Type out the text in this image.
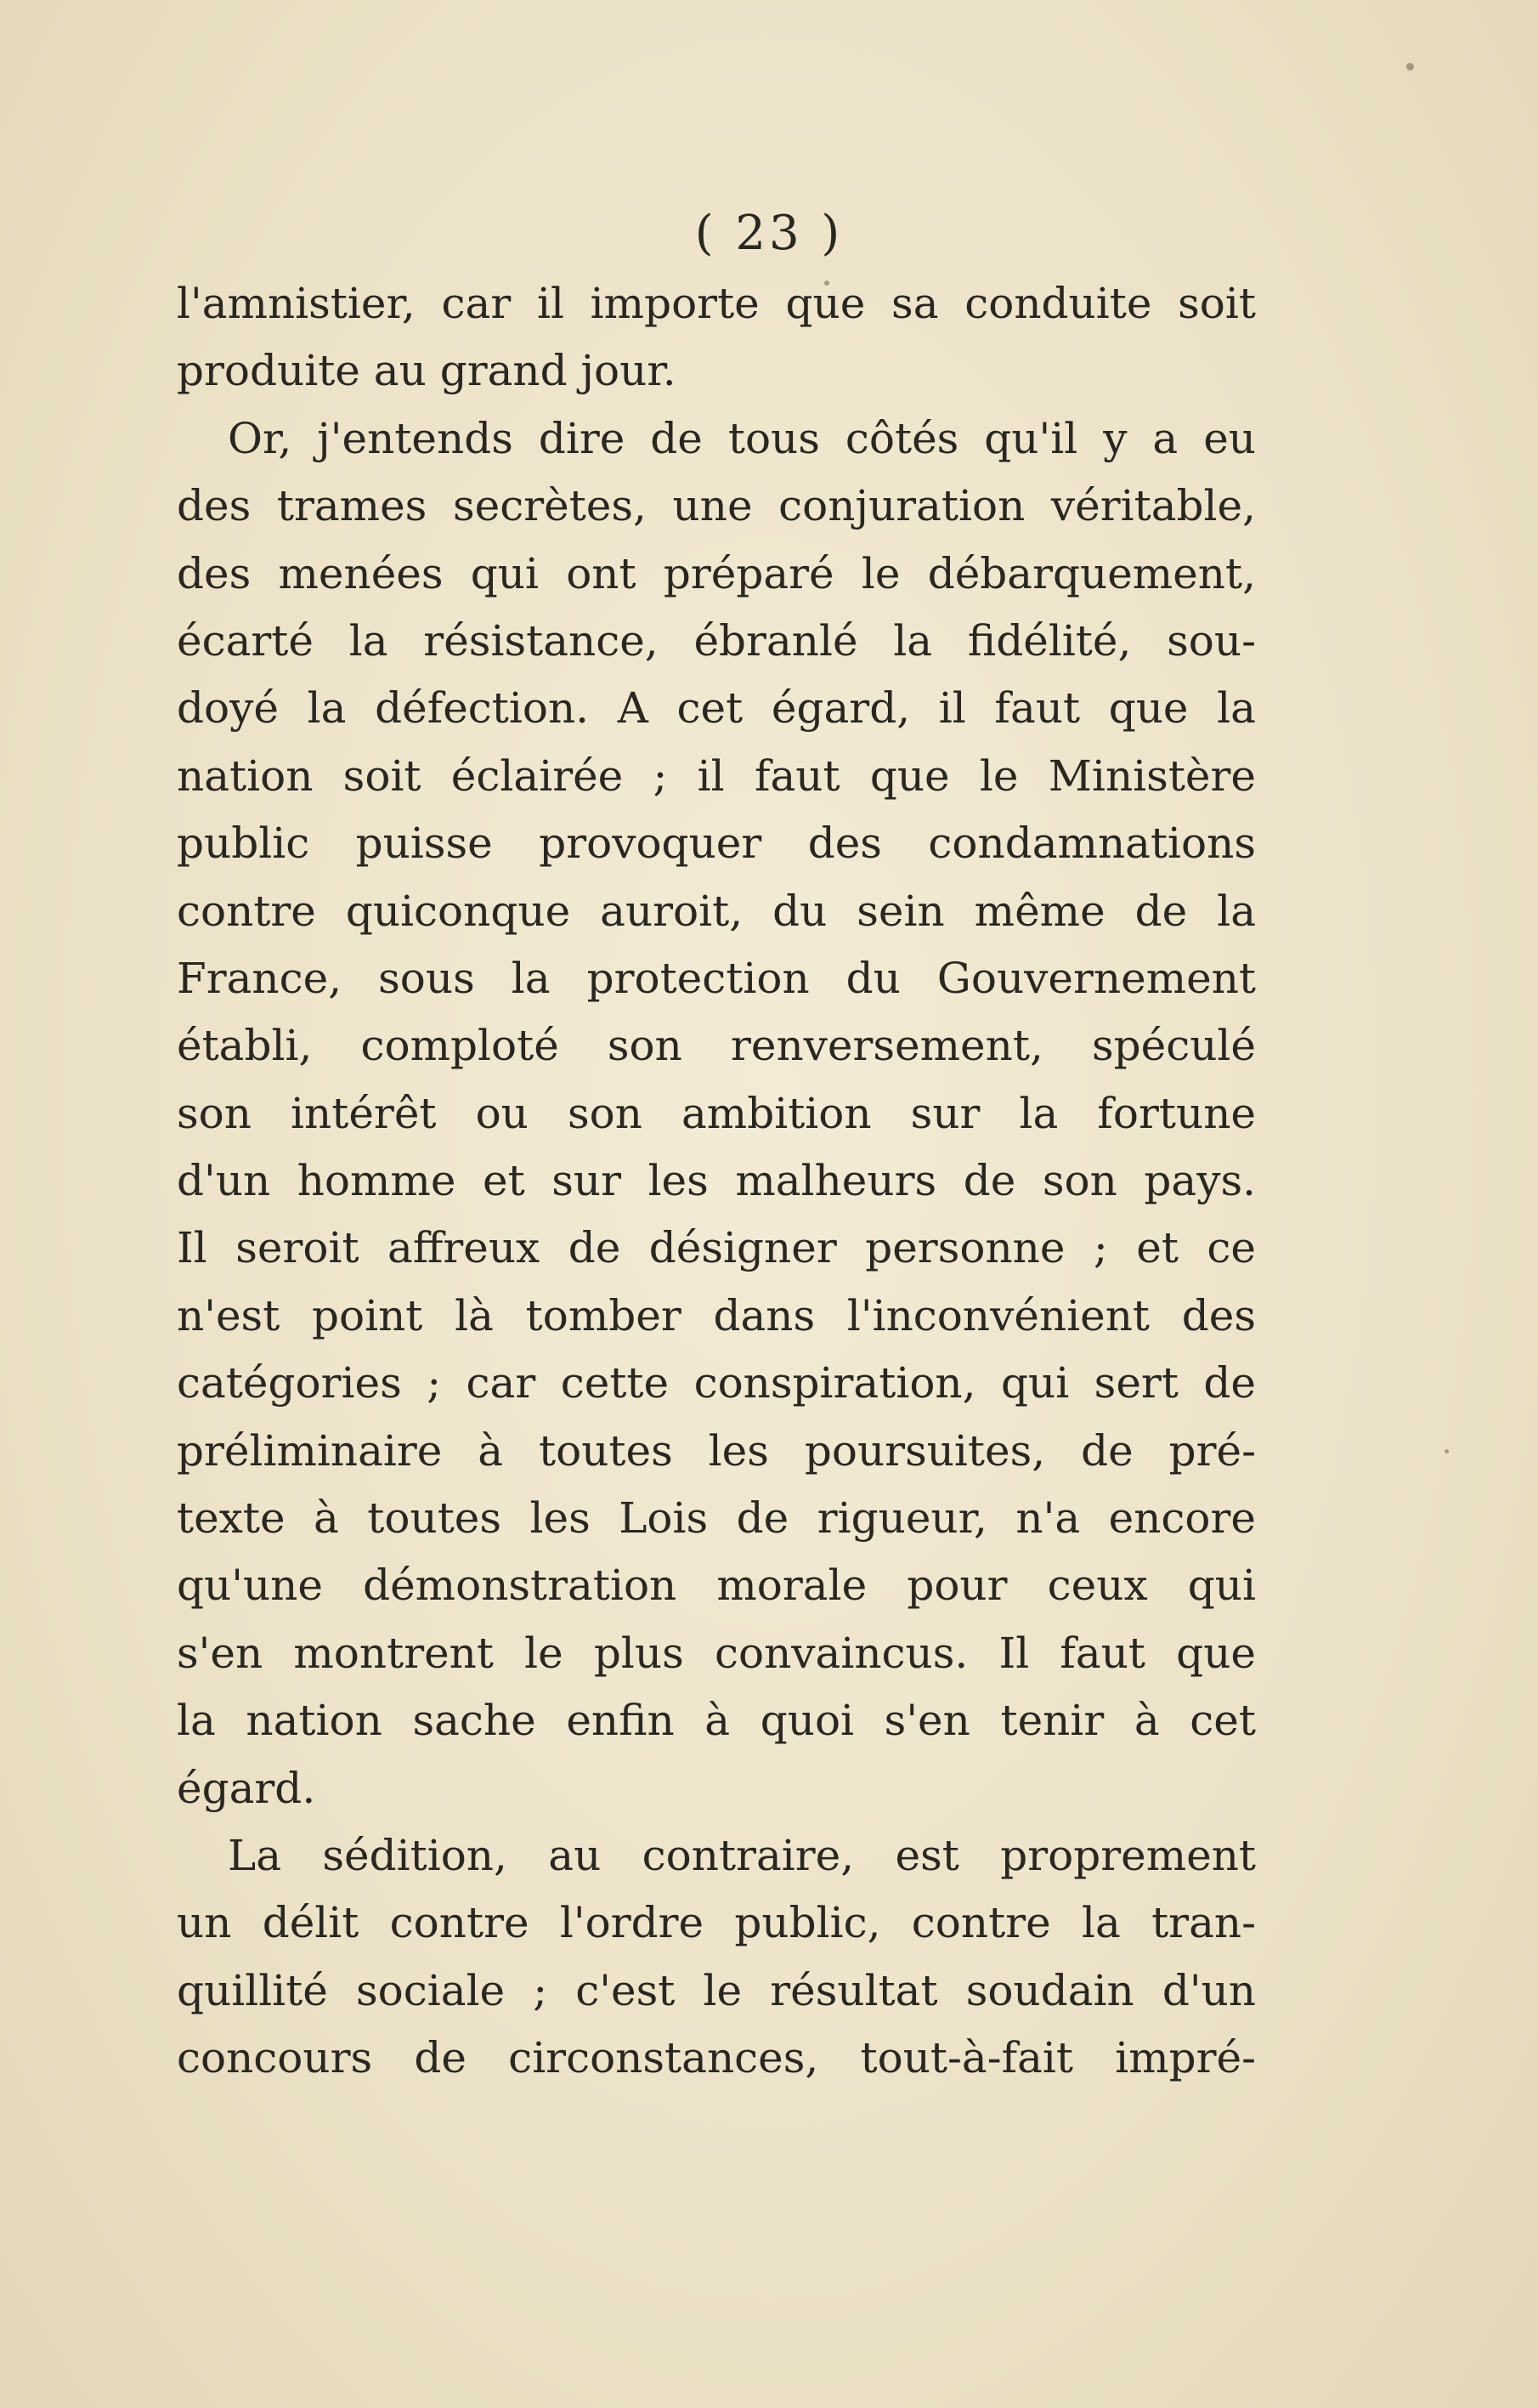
( 23 )
l'amnistier, car il importe que sa conduite soit
produite au grand jour.
Or, j'entends dire de tous côtés qu'il y a eu
des trames secrètes, une conjuration véritable,
des menées qui ont préparé le débarquement,
écarté la résistance, ébranlé la fidélité, sou-
doyé la défection. A cet égard, il faut que la
nation soit éclairée ; il faut que le Ministère
public puisse provoquer des condamnations
contre quiconque auroit, du sein même de la
France, sous la protection du Gouvernement
établi, comploté son renversement, spéculé
son intérêt ou son ambition sur la fortune
d'un homme et sur les malheurs de son pays.
Il seroit affreux de désigner personne ; et ce
n'est point là tomber dans l'inconvénient des
catégories ; car cette conspiration, qui sert de
préliminaire à toutes les poursuites, de pré-
texte à toutes les Lois de rigueur, n'a encore
qu'une démonstration morale pour ceux qui
s'en montrent le plus convaincus. Il faut que
la nation sache enfin à quoi s'en tenir à cet
égard.
La sédition, au contraire, est proprement
un délit contre l'ordre public, contre la tran-
quillité sociale ; c'est le résultat soudain d'un
concours de circonstances, tout-à-fait impré-
